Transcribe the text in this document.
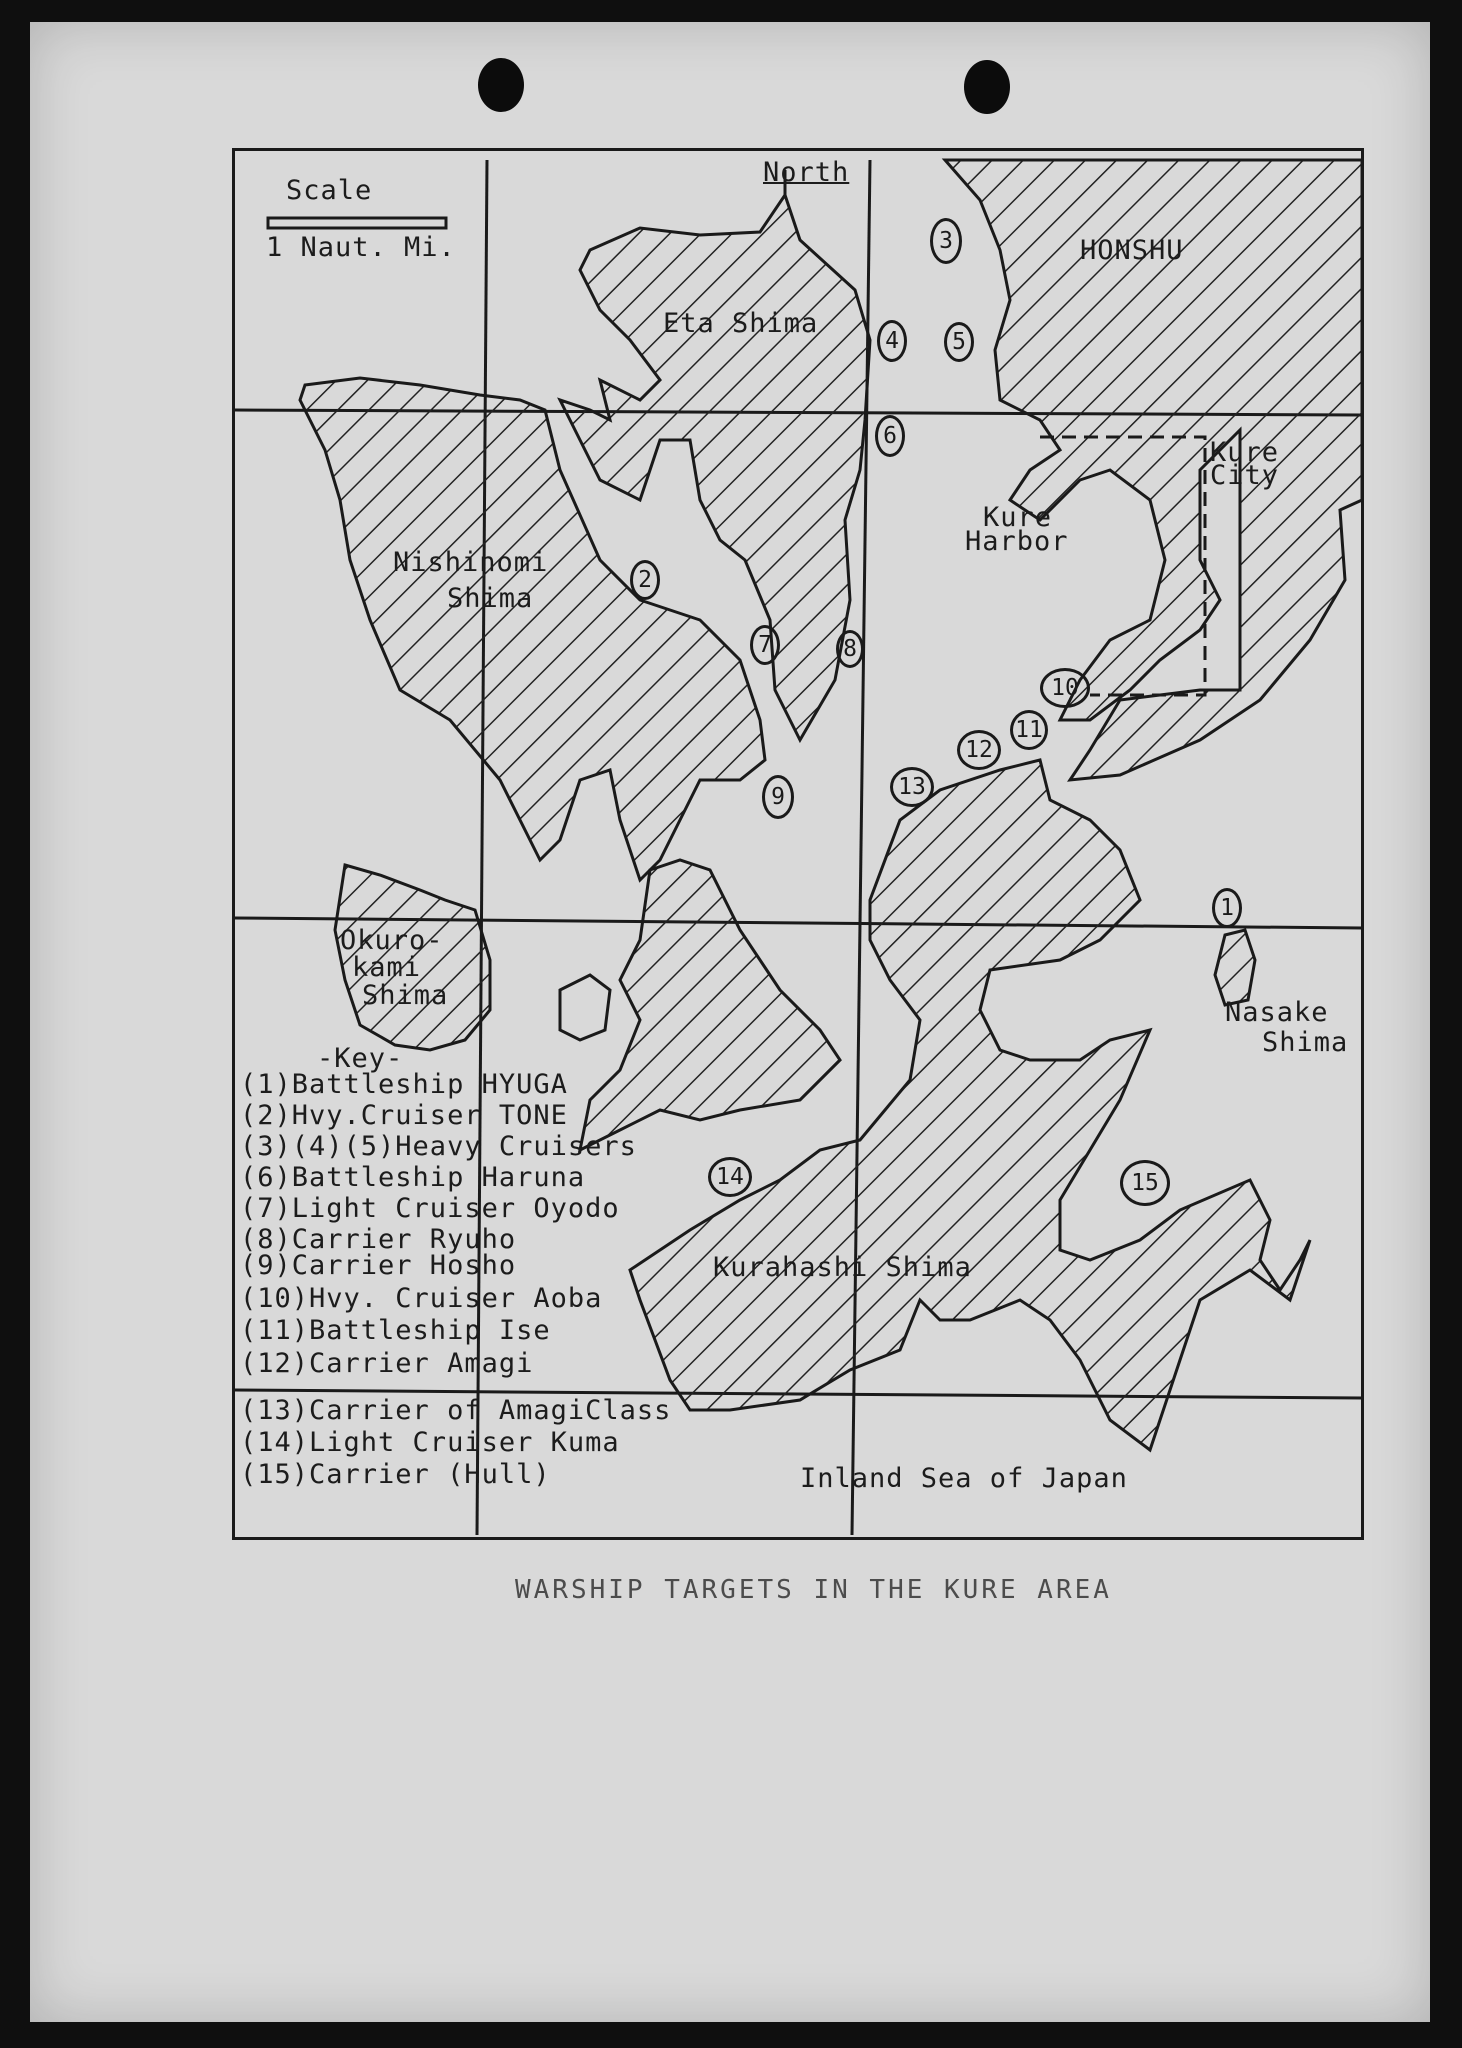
Scale
1 Naut. Mi.
North
HONSHU
Eta Shima
Nishinomi
Shima
Kure
City
Kure
Harbor
Okuro-
kami
Shima
Nasake
Shima
Kurahashi Shima
Inland Sea of Japan
1
2
3
4	5
6
7	8
9
10
11
12
13
14	15
-Key-
(1)Battleship HYUGA
(2)Hvy.Cruiser TONE
(3)(4)(5)Heavy Cruisers
(6)Battleship Haruna
(7)Light Cruiser Oyodo
(8)Carrier Ryuho
(9)Carrier Hosho
(10)Hvy. Cruiser Aoba
(11)Battleship Ise
(12)Carrier Amagi
(13)Carrier of AmagiClass
(14)Light Cruiser Kuma
(15)Carrier (Hull)
WARSHIP TARGETS IN THE KURE AREA
